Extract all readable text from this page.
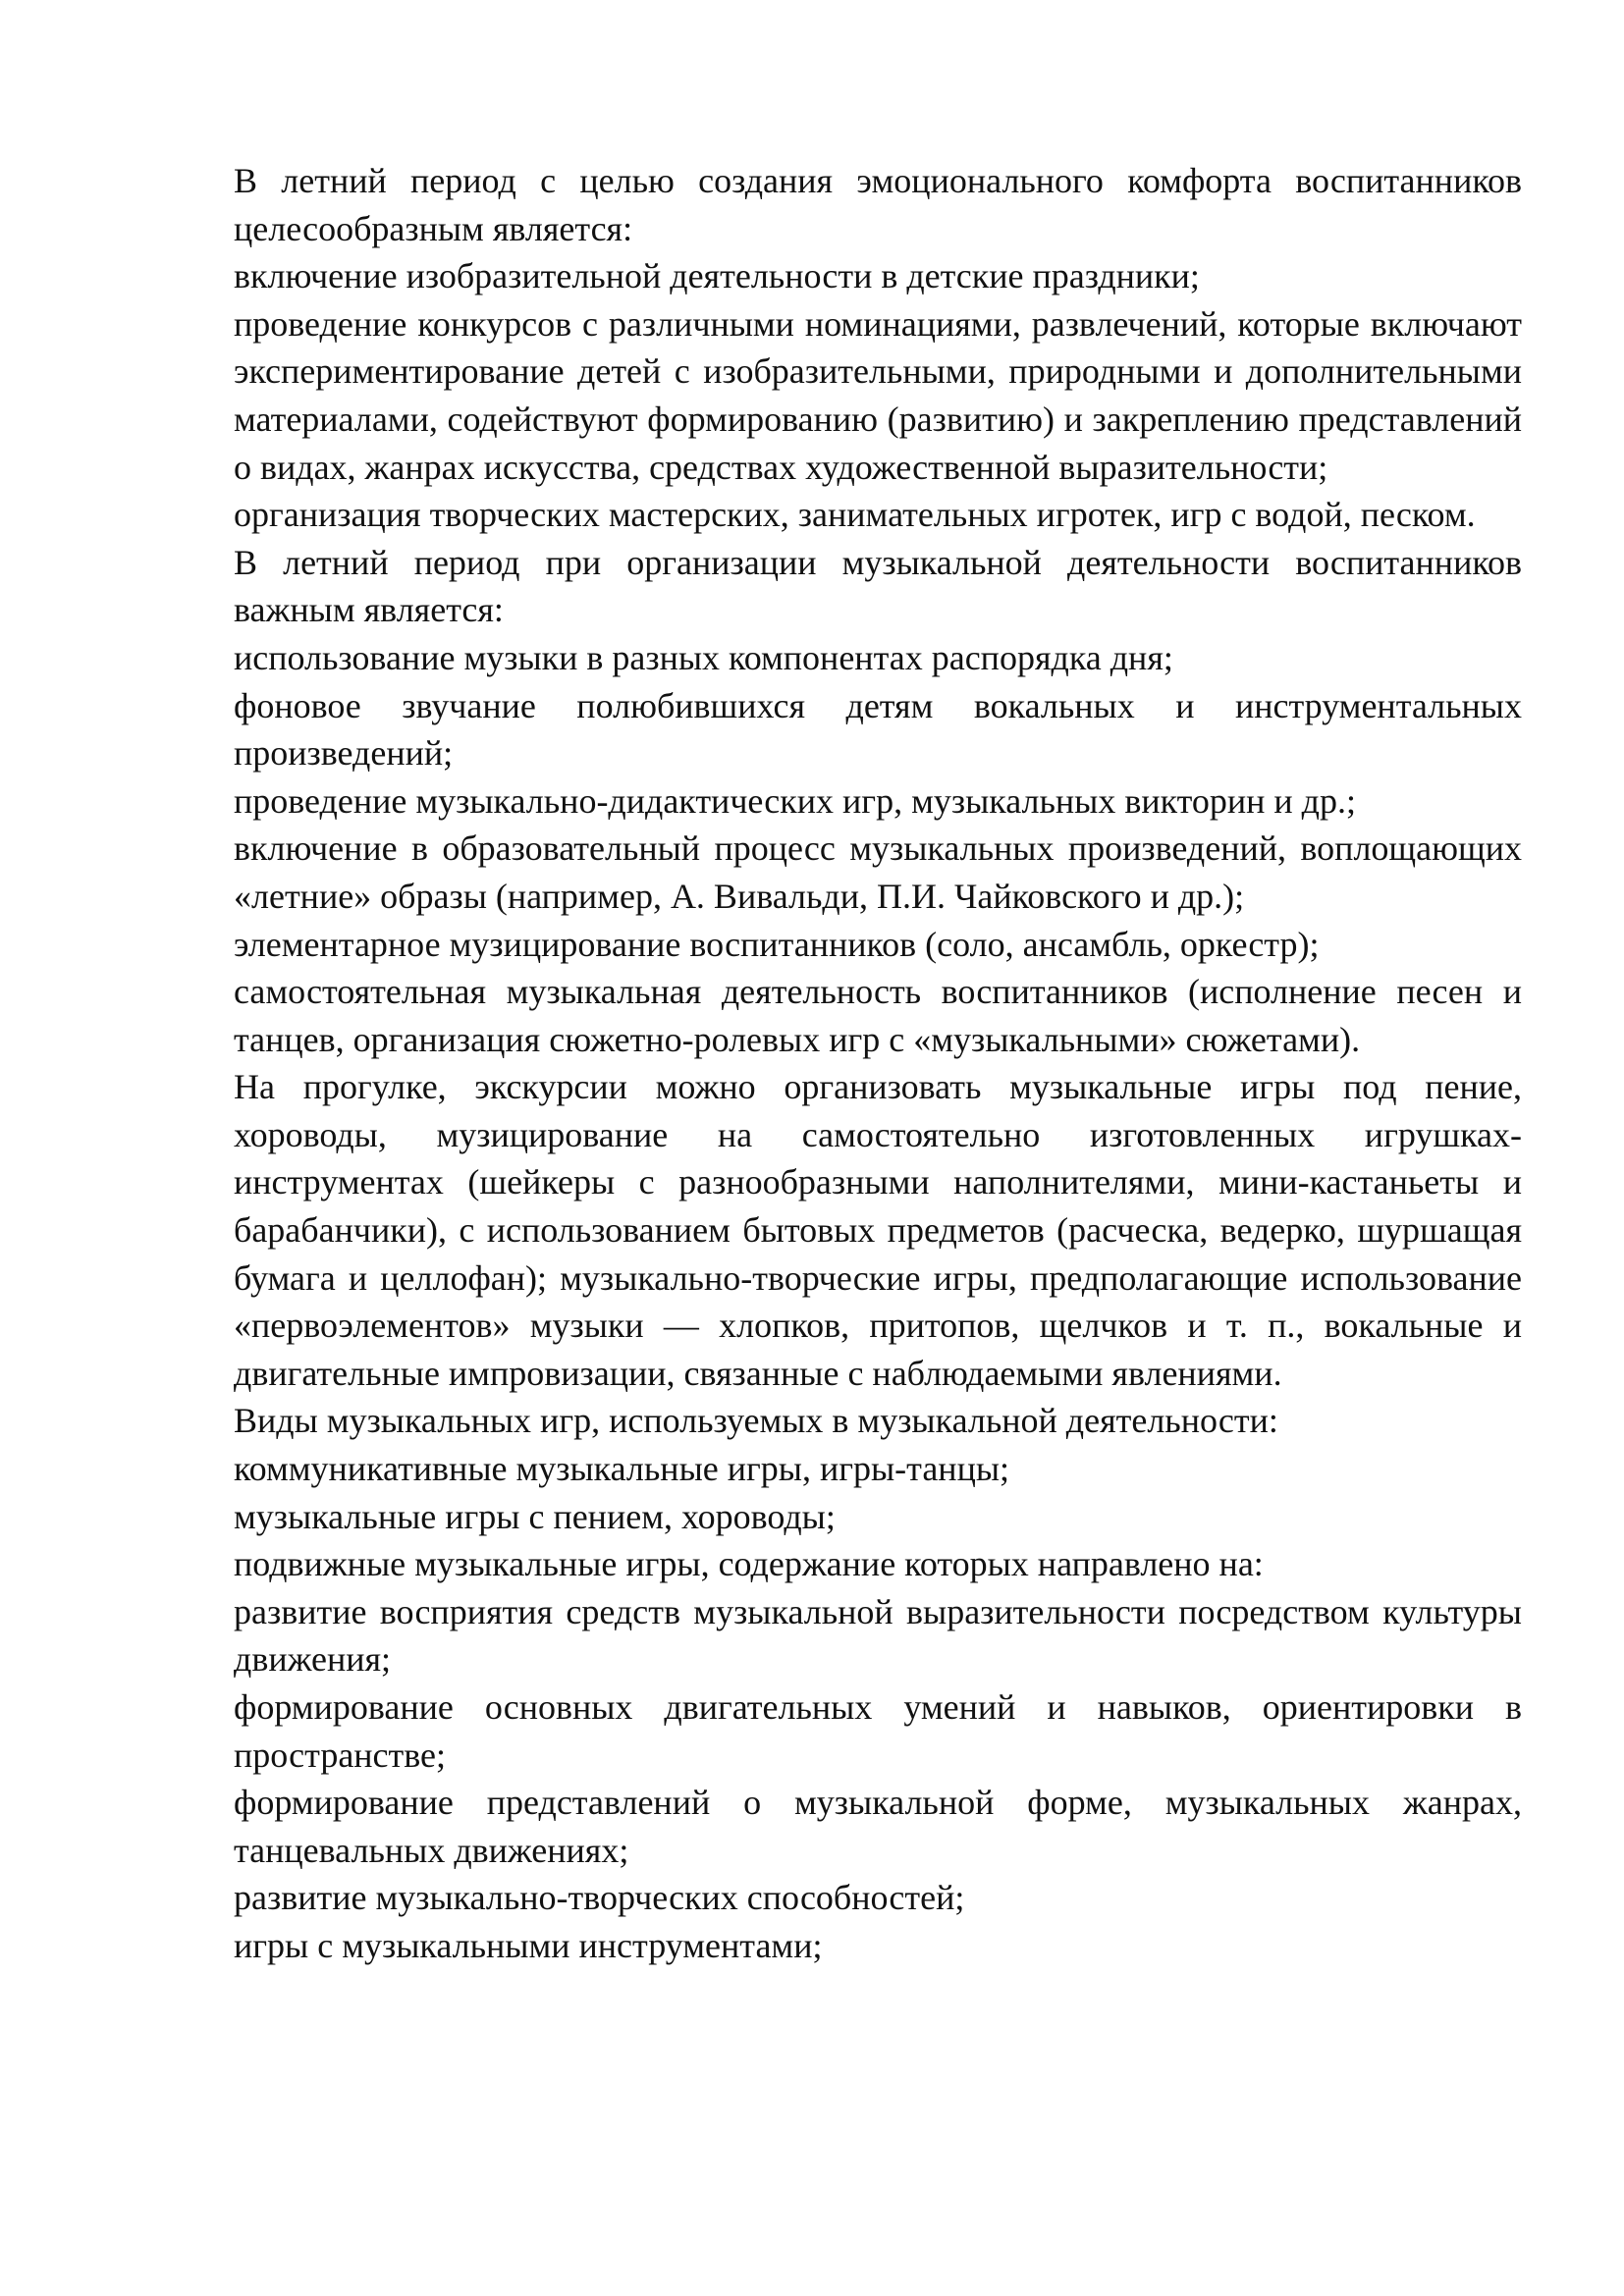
В летний период с целью создания эмоционального комфорта воспитанников целесообразным является:

включение изобразительной деятельности в детские праздники;

проведение конкурсов с различными номинациями, развлечений, которые включают экспериментирование детей с изобразительными, природными и дополнительными материалами, содействуют формированию (развитию) и закреплению представлений о видах, жанрах искусства, средствах художественной выразительности;

организация творческих мастерских, занимательных игротек, игр с водой, песком.

В летний период при организации музыкальной деятельности воспитанников важным является:

использование музыки в разных компонентах распорядка дня;

фоновое звучание полюбившихся детям вокальных и инструментальных произведений;

проведение музыкально-дидактических игр, музыкальных викторин и др.;

включение в образовательный процесс музыкальных произведений, воплощающих «летние» образы (например, А. Вивальди, П.И. Чайковского и др.);

элементарное музицирование воспитанников (соло, ансамбль, оркестр);

самостоятельная музыкальная деятельность воспитанников (исполнение песен и танцев, организация сюжетно-ролевых игр с «музыкальными» сюжетами).

На прогулке, экскурсии можно организовать музыкальные игры под пение, хороводы, музицирование на самостоятельно изготовленных игрушках-инструментах (шейкеры с разнообразными наполнителями, мини-кастаньеты и барабанчики), с использованием бытовых предметов (расческа, ведерко, шуршащая бумага и целлофан); музыкально-творческие игры, предполагающие использование «первоэлементов» музыки — хлопков, притопов, щелчков и т. п., вокальные и двигательные импровизации, связанные с наблюдаемыми явлениями.

Виды музыкальных игр, используемых в музыкальной деятельности:

коммуникативные музыкальные игры, игры-танцы;

музыкальные игры с пением, хороводы;

подвижные музыкальные игры, содержание которых направлено на:

развитие восприятия средств музыкальной выразительности посредством культуры движения;

формирование основных двигательных умений и навыков, ориентировки в пространстве;

формирование представлений о музыкальной форме, музыкальных жанрах, танцевальных движениях;

развитие музыкально-творческих способностей;

игры с музыкальными инструментами;
